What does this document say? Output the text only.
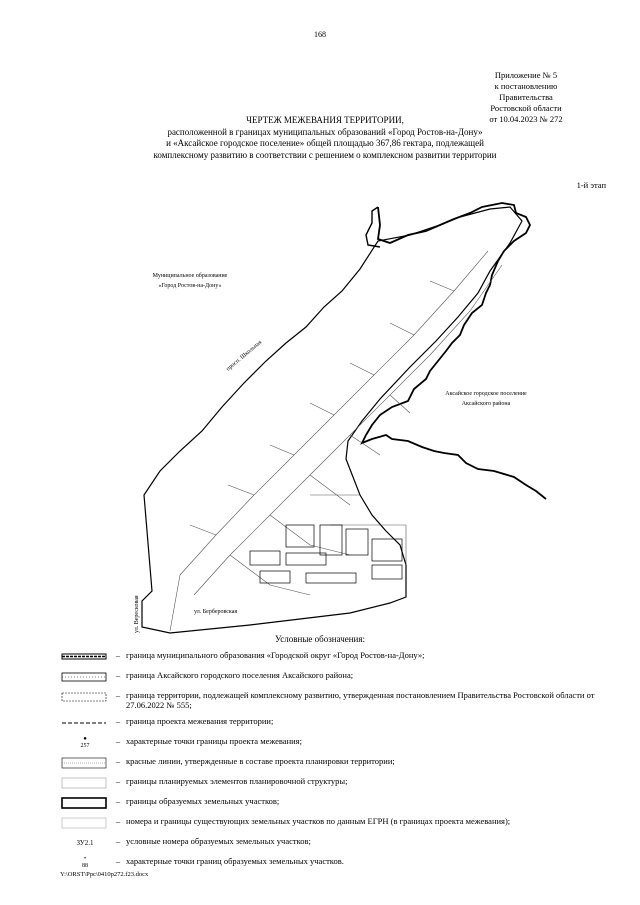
168
Приложение № 5
к постановлению
Правительства
Ростовской области
от 10.04.2023 № 272
ЧЕРТЕЖ МЕЖЕВАНИЯ ТЕРРИТОРИИ,
расположенной в границах муниципальных образований «Город Ростов-на-Дону»
и «Аксайское городское поселение» общей площадью 367,86 гектара, подлежащей
комплексному развитию в соответствии с решением о комплексном развитии территории
1-й этап
Муниципальное образование
«Город Ростов-на-Дону»
Аксайское городское поселение
Аксайского района
просп. Школьная
ул. Берберовская
ул. Вересковая
Условные обозначения:
– граница муниципального образования «Городской округ «Город Ростов-на-Дону»;
– граница Аксайского городского поселения Аксайского района;
– граница территории, подлежащей комплексному развитию, утвержденная постановлением Правительства Ростовской области от 27.06.2022 № 555;
– граница проекта межевания территории;
●
257	– характерные точки границы проекта межевания;
– красные линии, утвержденные в составе проекта планировки территории;
– границы планируемых элементов планировочной структуры;
– границы образуемых земельных участков;
– номера и границы существующих земельных участков по данным ЕГРН (в границах проекта межевания);
ЗУ2.1	– условные номера образуемых земельных участков;
•
88	– характерные точки границ образуемых земельных участков.
Y:\ORST\Ppc\0410p272.f23.docx
